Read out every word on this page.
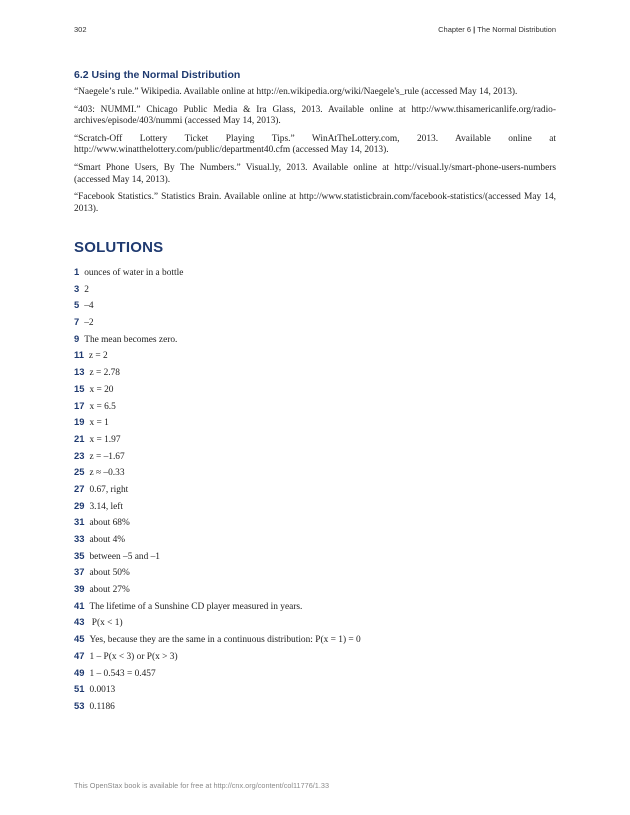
302	Chapter 6 | The Normal Distribution
6.2 Using the Normal Distribution

“Naegele’s rule.” Wikipedia. Available online at http://en.wikipedia.org/wiki/Naegele's_rule (accessed May 14, 2013).

“403: NUMMI.” Chicago Public Media & Ira Glass, 2013. Available online at http://www.thisamericanlife.org/radio-archives/episode/403/nummi (accessed May 14, 2013).

“Scratch-Off Lottery Ticket Playing Tips.” WinAtTheLottery.com, 2013. Available online at http://www.winatthelottery.com/public/department40.cfm (accessed May 14, 2013).

“Smart Phone Users, By The Numbers.” Visual.ly, 2013. Available online at http://visual.ly/smart-phone-users-numbers (accessed May 14, 2013).

“Facebook Statistics.” Statistics Brain. Available online at http://www.statisticbrain.com/facebook-statistics/(accessed May 14, 2013).

SOLUTIONS
1 ounces of water in a bottle
3 2
5 –4
7 –2
9 The mean becomes zero.
11 z = 2
13 z = 2.78
15 x = 20
17 x = 6.5
19 x = 1
21 x = 1.97
23 z = –1.67
25 z ≈ –0.33
27 0.67, right
29 3.14, left
31 about 68%
33 about 4%
35 between –5 and –1
37 about 50%
39 about 27%
41 The lifetime of a Sunshine CD player measured in years.
43 P(x < 1)
45 Yes, because they are the same in a continuous distribution: P(x = 1) = 0
47 1 – P(x < 3) or P(x > 3)
49 1 – 0.543 = 0.457
51 0.0013
53 0.1186
This OpenStax book is available for free at http://cnx.org/content/col11776/1.33
